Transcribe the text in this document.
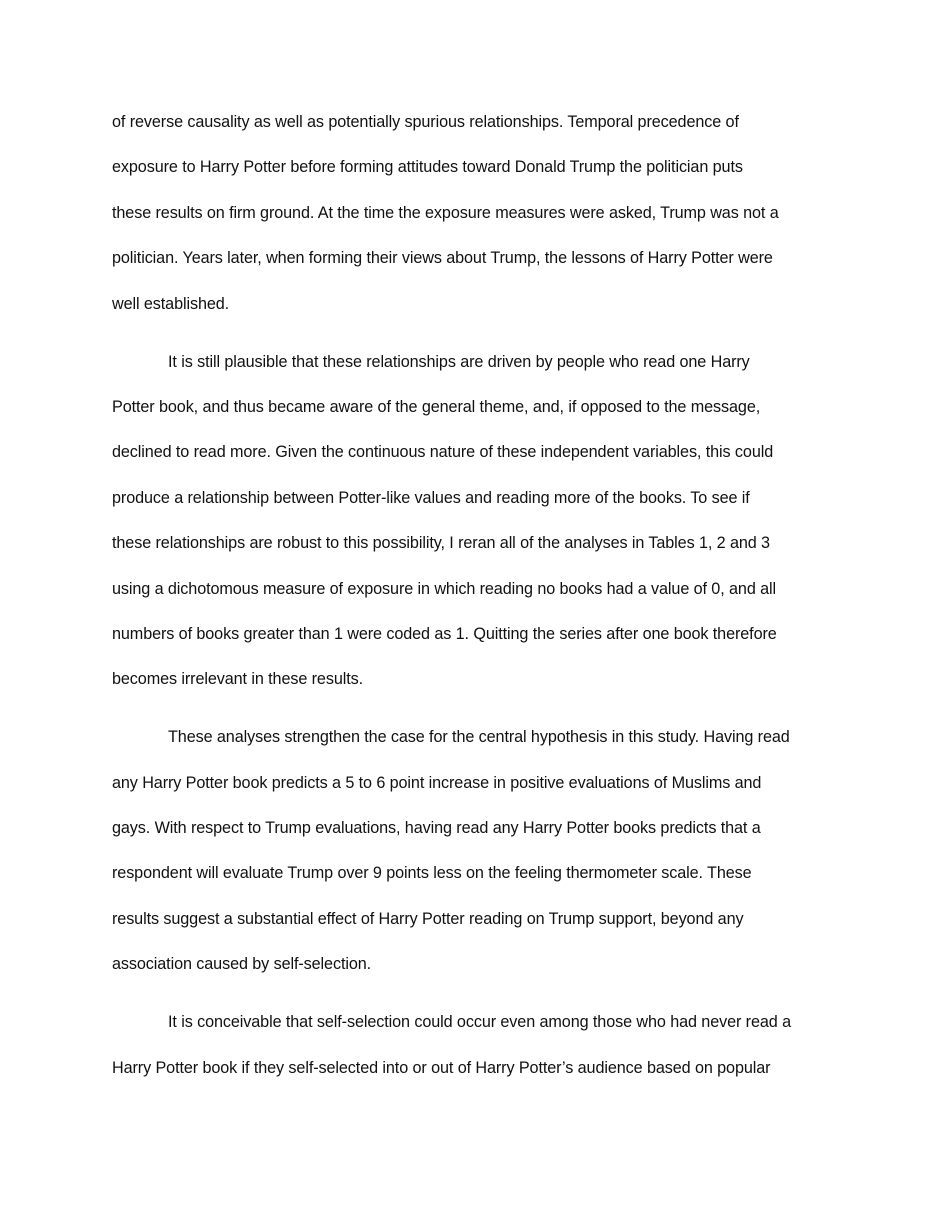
of reverse causality as well as potentially spurious relationships. Temporal precedence of
exposure to Harry Potter before forming attitudes toward Donald Trump the politician puts
these results on firm ground. At the time the exposure measures were asked, Trump was not a
politician. Years later, when forming their views about Trump, the lessons of Harry Potter were
well established.
It is still plausible that these relationships are driven by people who read one Harry
Potter book, and thus became aware of the general theme, and, if opposed to the message,
declined to read more. Given the continuous nature of these independent variables, this could
produce a relationship between Potter-like values and reading more of the books. To see if
these relationships are robust to this possibility, I reran all of the analyses in Tables 1, 2 and 3
using a dichotomous measure of exposure in which reading no books had a value of 0, and all
numbers of books greater than 1 were coded as 1. Quitting the series after one book therefore
becomes irrelevant in these results.
These analyses strengthen the case for the central hypothesis in this study. Having read
any Harry Potter book predicts a 5 to 6 point increase in positive evaluations of Muslims and
gays. With respect to Trump evaluations, having read any Harry Potter books predicts that a
respondent will evaluate Trump over 9 points less on the feeling thermometer scale. These
results suggest a substantial effect of Harry Potter reading on Trump support, beyond any
association caused by self-selection.
It is conceivable that self-selection could occur even among those who had never read a
Harry Potter book if they self-selected into or out of Harry Potter’s audience based on popular
